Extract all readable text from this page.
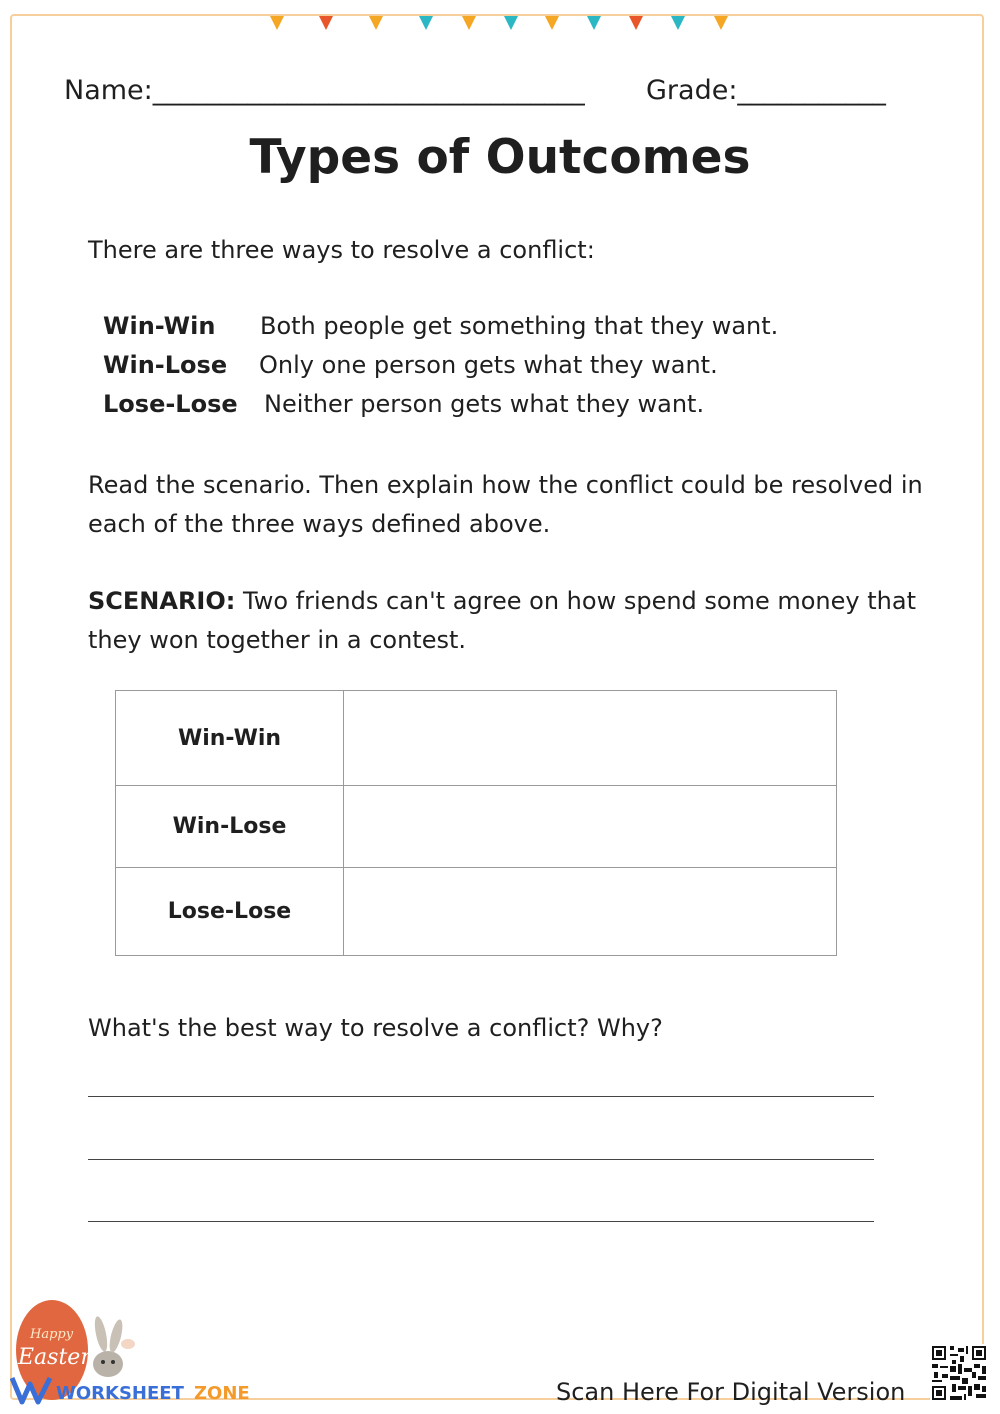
Name:________________________________ Grade:___________
Types of Outcomes
There are three ways to resolve a conflict:
Win-Win Both people get something that they want.
Win-Lose Only one person gets what they want.
Lose-Lose Neither person gets what they want.
Read the scenario. Then explain how the conflict could be resolved in each of the three ways defined above.
SCENARIO: Two friends can't agree on how spend some money that they won together in a contest.
Win-Win	
Win-Lose	
Lose-Lose	
What's the best way to resolve a conflict? Why?
Happy
Easter
WORKSHEET ZONE	Scan Here For Digital Version
